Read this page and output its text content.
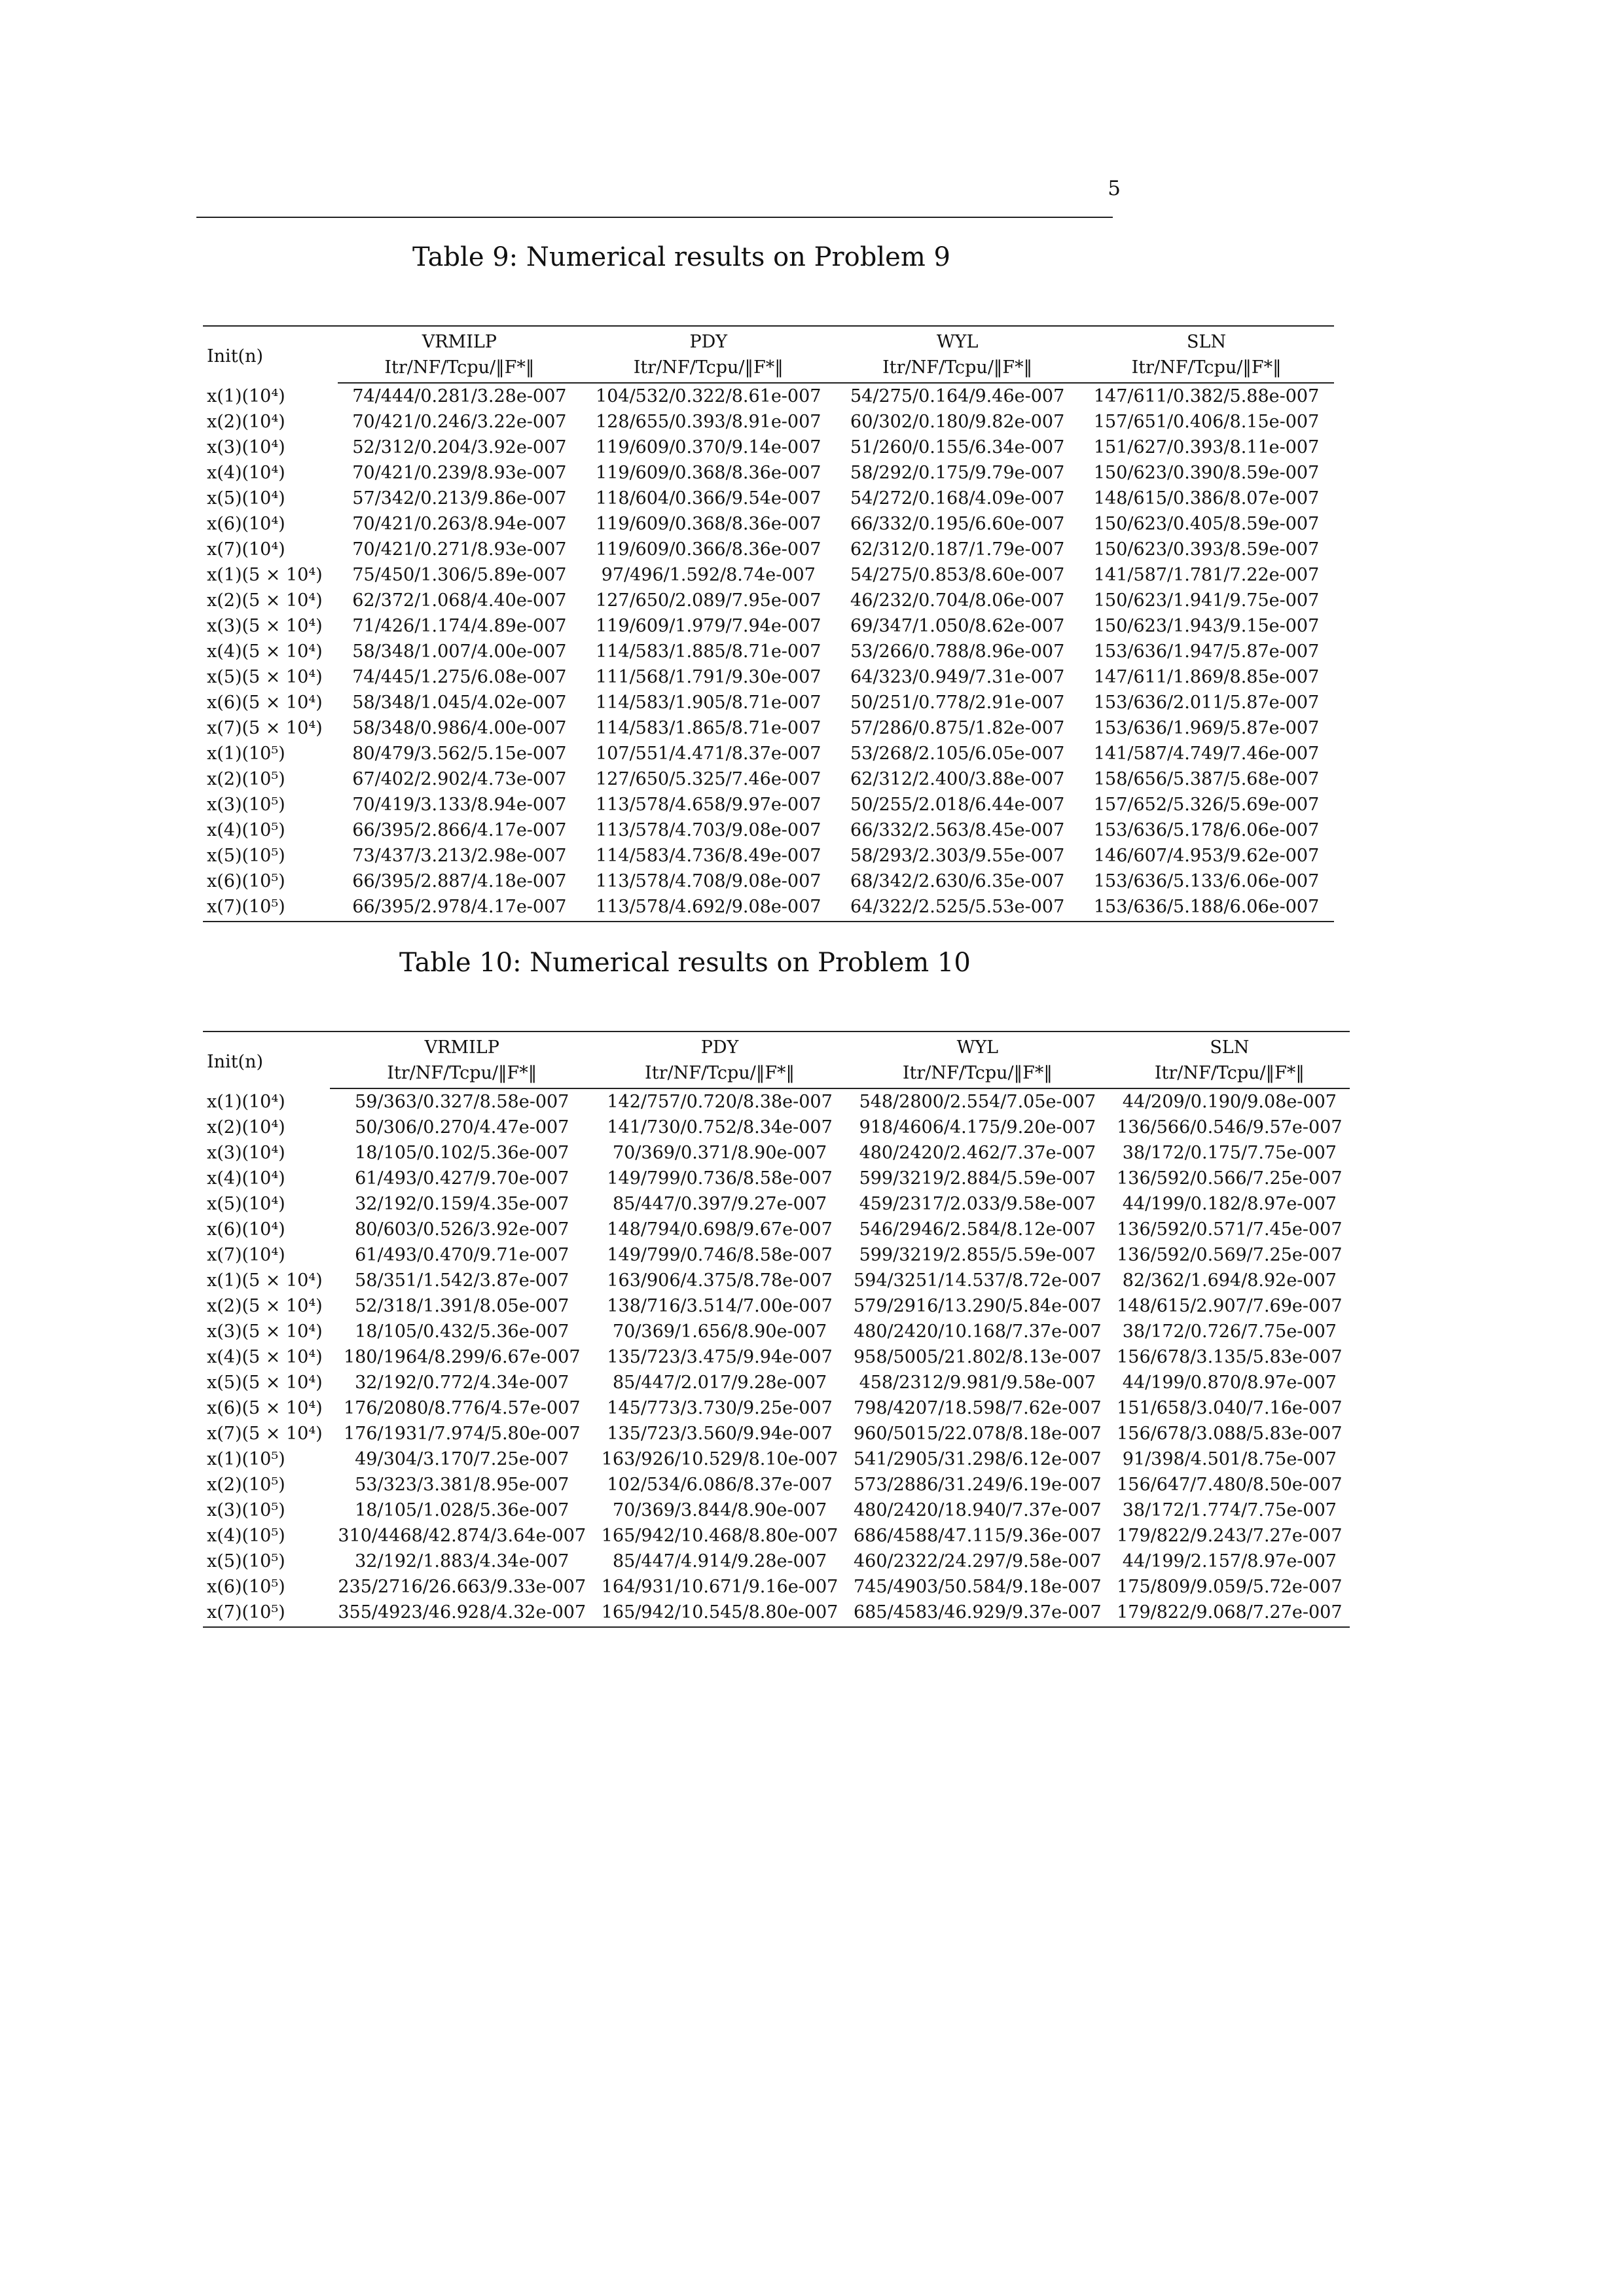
5
Table 9: Numerical results on Problem 9
Init(n)	VRMILP	PDY	WYL	SLN
	Itr/NF/Tcpu/‖F*‖	Itr/NF/Tcpu/‖F*‖	Itr/NF/Tcpu/‖F*‖	Itr/NF/Tcpu/‖F*‖
x(1)(10⁴)	74/444/0.281/3.28e-007	104/532/0.322/8.61e-007	54/275/0.164/9.46e-007	147/611/0.382/5.88e-007
x(2)(10⁴)	70/421/0.246/3.22e-007	128/655/0.393/8.91e-007	60/302/0.180/9.82e-007	157/651/0.406/8.15e-007
x(3)(10⁴)	52/312/0.204/3.92e-007	119/609/0.370/9.14e-007	51/260/0.155/6.34e-007	151/627/0.393/8.11e-007
x(4)(10⁴)	70/421/0.239/8.93e-007	119/609/0.368/8.36e-007	58/292/0.175/9.79e-007	150/623/0.390/8.59e-007
x(5)(10⁴)	57/342/0.213/9.86e-007	118/604/0.366/9.54e-007	54/272/0.168/4.09e-007	148/615/0.386/8.07e-007
x(6)(10⁴)	70/421/0.263/8.94e-007	119/609/0.368/8.36e-007	66/332/0.195/6.60e-007	150/623/0.405/8.59e-007
x(7)(10⁴)	70/421/0.271/8.93e-007	119/609/0.366/8.36e-007	62/312/0.187/1.79e-007	150/623/0.393/8.59e-007
x(1)(5 × 10⁴)	75/450/1.306/5.89e-007	97/496/1.592/8.74e-007	54/275/0.853/8.60e-007	141/587/1.781/7.22e-007
x(2)(5 × 10⁴)	62/372/1.068/4.40e-007	127/650/2.089/7.95e-007	46/232/0.704/8.06e-007	150/623/1.941/9.75e-007
x(3)(5 × 10⁴)	71/426/1.174/4.89e-007	119/609/1.979/7.94e-007	69/347/1.050/8.62e-007	150/623/1.943/9.15e-007
x(4)(5 × 10⁴)	58/348/1.007/4.00e-007	114/583/1.885/8.71e-007	53/266/0.788/8.96e-007	153/636/1.947/5.87e-007
x(5)(5 × 10⁴)	74/445/1.275/6.08e-007	111/568/1.791/9.30e-007	64/323/0.949/7.31e-007	147/611/1.869/8.85e-007
x(6)(5 × 10⁴)	58/348/1.045/4.02e-007	114/583/1.905/8.71e-007	50/251/0.778/2.91e-007	153/636/2.011/5.87e-007
x(7)(5 × 10⁴)	58/348/0.986/4.00e-007	114/583/1.865/8.71e-007	57/286/0.875/1.82e-007	153/636/1.969/5.87e-007
x(1)(10⁵)	80/479/3.562/5.15e-007	107/551/4.471/8.37e-007	53/268/2.105/6.05e-007	141/587/4.749/7.46e-007
x(2)(10⁵)	67/402/2.902/4.73e-007	127/650/5.325/7.46e-007	62/312/2.400/3.88e-007	158/656/5.387/5.68e-007
x(3)(10⁵)	70/419/3.133/8.94e-007	113/578/4.658/9.97e-007	50/255/2.018/6.44e-007	157/652/5.326/5.69e-007
x(4)(10⁵)	66/395/2.866/4.17e-007	113/578/4.703/9.08e-007	66/332/2.563/8.45e-007	153/636/5.178/6.06e-007
x(5)(10⁵)	73/437/3.213/2.98e-007	114/583/4.736/8.49e-007	58/293/2.303/9.55e-007	146/607/4.953/9.62e-007
x(6)(10⁵)	66/395/2.887/4.18e-007	113/578/4.708/9.08e-007	68/342/2.630/6.35e-007	153/636/5.133/6.06e-007
x(7)(10⁵)	66/395/2.978/4.17e-007	113/578/4.692/9.08e-007	64/322/2.525/5.53e-007	153/636/5.188/6.06e-007
Table 10: Numerical results on Problem 10
Init(n)	VRMILP	PDY	WYL	SLN
	Itr/NF/Tcpu/‖F*‖	Itr/NF/Tcpu/‖F*‖	Itr/NF/Tcpu/‖F*‖	Itr/NF/Tcpu/‖F*‖
x(1)(10⁴)	59/363/0.327/8.58e-007	142/757/0.720/8.38e-007	548/2800/2.554/7.05e-007	44/209/0.190/9.08e-007
x(2)(10⁴)	50/306/0.270/4.47e-007	141/730/0.752/8.34e-007	918/4606/4.175/9.20e-007	136/566/0.546/9.57e-007
x(3)(10⁴)	18/105/0.102/5.36e-007	70/369/0.371/8.90e-007	480/2420/2.462/7.37e-007	38/172/0.175/7.75e-007
x(4)(10⁴)	61/493/0.427/9.70e-007	149/799/0.736/8.58e-007	599/3219/2.884/5.59e-007	136/592/0.566/7.25e-007
x(5)(10⁴)	32/192/0.159/4.35e-007	85/447/0.397/9.27e-007	459/2317/2.033/9.58e-007	44/199/0.182/8.97e-007
x(6)(10⁴)	80/603/0.526/3.92e-007	148/794/0.698/9.67e-007	546/2946/2.584/8.12e-007	136/592/0.571/7.45e-007
x(7)(10⁴)	61/493/0.470/9.71e-007	149/799/0.746/8.58e-007	599/3219/2.855/5.59e-007	136/592/0.569/7.25e-007
x(1)(5 × 10⁴)	58/351/1.542/3.87e-007	163/906/4.375/8.78e-007	594/3251/14.537/8.72e-007	82/362/1.694/8.92e-007
x(2)(5 × 10⁴)	52/318/1.391/8.05e-007	138/716/3.514/7.00e-007	579/2916/13.290/5.84e-007	148/615/2.907/7.69e-007
x(3)(5 × 10⁴)	18/105/0.432/5.36e-007	70/369/1.656/8.90e-007	480/2420/10.168/7.37e-007	38/172/0.726/7.75e-007
x(4)(5 × 10⁴)	180/1964/8.299/6.67e-007	135/723/3.475/9.94e-007	958/5005/21.802/8.13e-007	156/678/3.135/5.83e-007
x(5)(5 × 10⁴)	32/192/0.772/4.34e-007	85/447/2.017/9.28e-007	458/2312/9.981/9.58e-007	44/199/0.870/8.97e-007
x(6)(5 × 10⁴)	176/2080/8.776/4.57e-007	145/773/3.730/9.25e-007	798/4207/18.598/7.62e-007	151/658/3.040/7.16e-007
x(7)(5 × 10⁴)	176/1931/7.974/5.80e-007	135/723/3.560/9.94e-007	960/5015/22.078/8.18e-007	156/678/3.088/5.83e-007
x(1)(10⁵)	49/304/3.170/7.25e-007	163/926/10.529/8.10e-007	541/2905/31.298/6.12e-007	91/398/4.501/8.75e-007
x(2)(10⁵)	53/323/3.381/8.95e-007	102/534/6.086/8.37e-007	573/2886/31.249/6.19e-007	156/647/7.480/8.50e-007
x(3)(10⁵)	18/105/1.028/5.36e-007	70/369/3.844/8.90e-007	480/2420/18.940/7.37e-007	38/172/1.774/7.75e-007
x(4)(10⁵)	310/4468/42.874/3.64e-007	165/942/10.468/8.80e-007	686/4588/47.115/9.36e-007	179/822/9.243/7.27e-007
x(5)(10⁵)	32/192/1.883/4.34e-007	85/447/4.914/9.28e-007	460/2322/24.297/9.58e-007	44/199/2.157/8.97e-007
x(6)(10⁵)	235/2716/26.663/9.33e-007	164/931/10.671/9.16e-007	745/4903/50.584/9.18e-007	175/809/9.059/5.72e-007
x(7)(10⁵)	355/4923/46.928/4.32e-007	165/942/10.545/8.80e-007	685/4583/46.929/9.37e-007	179/822/9.068/7.27e-007
